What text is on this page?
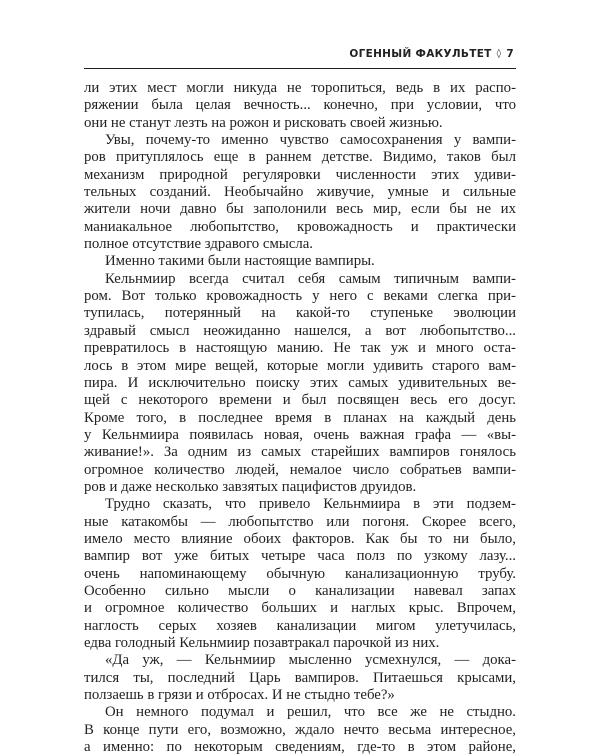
ОГЕННЫЙ ФАКУЛЬТЕТ ◊ 7

ли этих мест могли никуда не торопиться, ведь в их распо-
ряжении была целая вечность... конечно, при условии, что
они не станут лезть на рожон и рисковать своей жизнью.

Увы, почему-то именно чувство самосохранения у вампи-
ров притуплялось еще в раннем детстве. Видимо, таков был
механизм природной регуляровки численности этих удиви-
тельных созданий. Необычайно живучие, умные и сильные
жители ночи давно бы заполонили весь мир, если бы не их
маниакальное любопытство, кровожадность и практически
полное отсутствие здравого смысла.

Именно такими были настоящие вампиры.

Кельнмиир всегда считал себя самым типичным вампи-
ром. Вот только кровожадность у него с веками слегка при-
тупилась, потерянный на какой-то ступеньке эволюции
здравый смысл неожиданно нашелся, а вот любопытство...
превратилось в настоящую манию. Не так уж и много оста-
лось в этом мире вещей, которые могли удивить старого вам-
пира. И исключительно поиску этих самых удивительных ве-
щей с некоторого времени и был посвящен весь его досуг.
Кроме того, в последнее время в планах на каждый день
у Кельнмиира появилась новая, очень важная графа — «вы-
живание!». За одним из самых старейших вампиров гонялось
огромное количество людей, немалое число собратьев вампи-
ров и даже несколько завзятых пацифистов друидов.

Трудно сказать, что привело Кельнмиира в эти подзем-
ные катакомбы — любопытство или погоня. Скорее всего,
имело место влияние обоих факторов. Как бы то ни было,
вампир вот уже битых четыре часа полз по узкому лазу...
очень напоминающему обычную канализационную трубу.
Особенно сильно мысли о канализации навевал запах
и огромное количество больших и наглых крыс. Впрочем,
наглость серых хозяев канализации мигом улетучилась,
едва голодный Кельнмиир позавтракал парочкой из них.

«Да уж, — Кельнмиир мысленно усмехнулся, — дока-
тился ты, последний Царь вампиров. Питаешься крысами,
ползаешь в грязи и отбросах. И не стыдно тебе?»

Он немного подумал и решил, что все же не стыдно.
В конце пути его, возможно, ждало нечто весьма интересное,
а именно: по некоторым сведениям, где-то в этом районе,
